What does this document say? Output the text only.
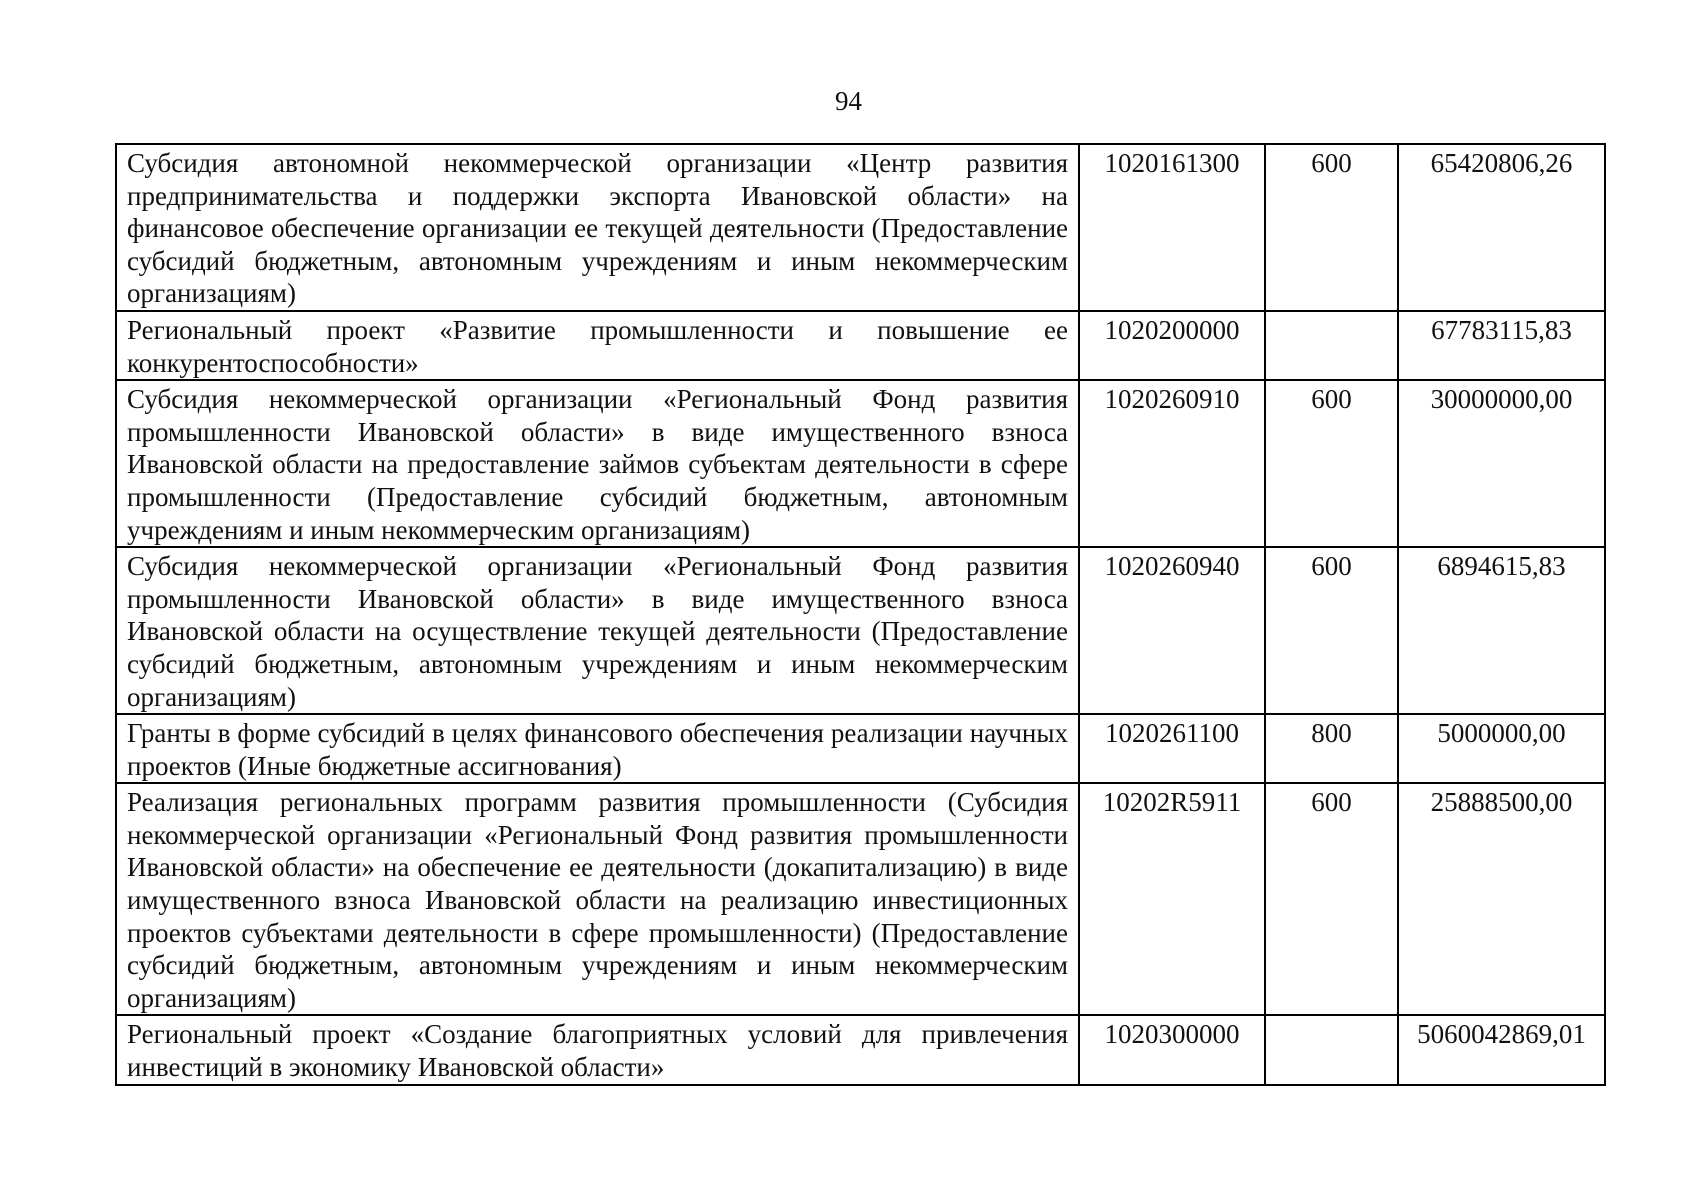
94
Субсидия автономной некоммерческой организации «Центр развития предпринимательства и поддержки экспорта Ивановской области» на финансовое обеспечение организации ее текущей деятельности (Предоставление субсидий бюджетным, автономным учреждениям и иным некоммерческим организациям)	1020161300	600	65420806,26
Региональный проект «Развитие промышленности и повышение ее конкурентоспособности»	1020200000		67783115,83
Субсидия некоммерческой организации «Региональный Фонд развития промышленности Ивановской области» в виде имущественного взноса Ивановской области на предоставление займов субъектам деятельности в сфере промышленности (Предоставление субсидий бюджетным, автономным учреждениям и иным некоммерческим организациям)	1020260910	600	30000000,00
Субсидия некоммерческой организации «Региональный Фонд развития промышленности Ивановской области» в виде имущественного взноса Ивановской области на осуществление текущей деятельности (Предоставление субсидий бюджетным, автономным учреждениям и иным некоммерческим организациям)	1020260940	600	6894615,83
Гранты в форме субсидий в целях финансового обеспечения реализации научных проектов (Иные бюджетные ассигнования)	1020261100	800	5000000,00
Реализация региональных программ развития промышленности (Субсидия некоммерческой организации «Региональный Фонд развития промышленности Ивановской области» на обеспечение ее деятельности (докапитализацию) в виде имущественного взноса Ивановской области на реализацию инвестиционных проектов субъектами деятельности в сфере промышленности) (Предоставление субсидий бюджетным, автономным учреждениям и иным некоммерческим организациям)	10202R5911	600	25888500,00
Региональный проект «Создание благоприятных условий для привлечения инвестиций в экономику Ивановской области»	1020300000		5060042869,01
